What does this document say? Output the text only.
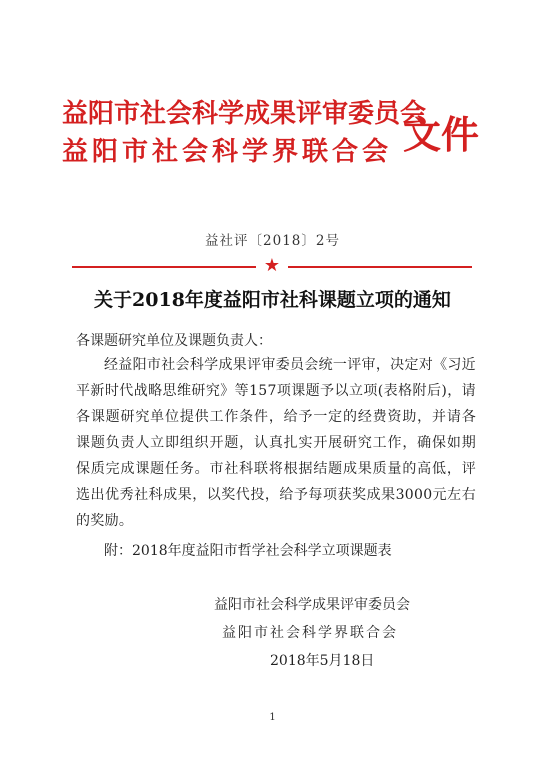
益阳市社会科学成果评审委员会
益阳市社会科学界联合会 文件
益社评〔2018〕2号
★
关于2018年度益阳市社科课题立项的通知
各课题研究单位及课题负责人：
经益阳市社会科学成果评审委员会统一评审，决定对《习近平新时代战略思维研究》等157项课题予以立项(表格附后)，请各课题研究单位提供工作条件，给予一定的经费资助，并请各课题负责人立即组织开题，认真扎实开展研究工作，确保如期保质完成课题任务。市社科联将根据结题成果质量的高低，评选出优秀社科成果，以奖代投，给予每项获奖成果3000元左右的奖励。
附：2018年度益阳市哲学社会科学立项课题表
益阳市社会科学成果评审委员会
益阳市社会科学界联合会
2018年5月18日
1
